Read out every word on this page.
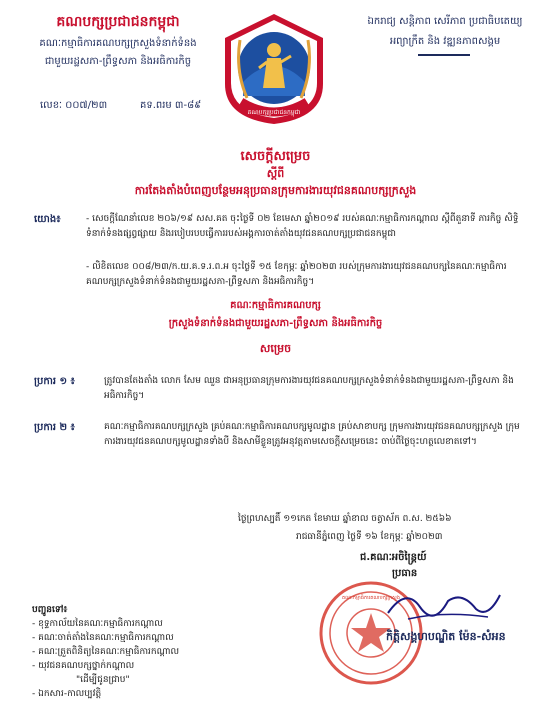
គណបក្សប្រជាជនកម្ពុជា
គណៈកម្មាធិការគណបក្សក្រសួងទំនាក់ទំនង
ជាមួយរដ្ឋសភា-ព្រឹទ្ធសភា និងអធិការកិច្ច
លេខៈ ០០៧/២៣	គទ.ពរម ៣-៨៩
គណបក្សប្រជាជនកម្ពុជា
ឯករាជ្យ សន្តិភាព សេរីភាព ប្រជាធិបតេយ្យ
អព្យាក្រឹត និង វឌ្ឍនភាពសង្គម
សេចក្តីសម្រេច
ស្តីពី
ការតែងតាំងបំពេញបន្ថែមអនុប្រធានក្រុមការងារយុវជនគណបក្សក្រសួង
យោង៖	- សេចក្តីណែនាំលេខ ២០៦/១៩ សស.គត ចុះថ្ងៃទី ០២ ខែមេសា ឆ្នាំ២០១៩ របស់គណៈកម្មាធិការកណ្តាល ស្តីពីតួនាទី ភារកិច្ច សិទ្ធិ ទំនាក់ទំនងផ្សព្វផ្សាយ និងរបៀបរបបធ្វើការរបស់អង្គការចាត់តាំងយុវជនគណបក្សប្រជាជនកម្ពុជា
- លិខិតលេខ ០០៨/២៣/ក.យ.គ.ទ.រ.ព.អ ចុះថ្ងៃទី ១៥ ខែកុម្ភៈ ឆ្នាំ២០២៣ របស់ក្រុមការងារយុវជនគណបក្សនៃគណៈកម្មាធិការគណបក្សក្រសួងទំនាក់ទំនងជាមួយរដ្ឋសភា-ព្រឹទ្ធសភា និងអធិការកិច្ច។
គណៈកម្មាធិការគណបក្ស
ក្រសួងទំនាក់ទំនងជាមួយរដ្ឋសភា-ព្រឹទ្ធសភា និងអធិការកិច្ច
សម្រេច
ប្រការ ១ ៖	ត្រូវបានតែងតាំង លោក សែម ឈួន ជាអនុប្រធានក្រុមការងារយុវជនគណបក្សក្រសួងទំនាក់ទំនងជាមួយរដ្ឋសភា-ព្រឹទ្ធសភា និងអធិការកិច្ច។
ប្រការ ២ ៖	គណៈកម្មាធិការគណបក្សក្រសួង គ្រប់គណៈកម្មាធិការគណបក្សមូលដ្ឋាន គ្រប់សាខាបក្ស ក្រុមការងារយុវជនគណបក្សក្រសួង ក្រុមការងារយុវជនគណបក្សមូលដ្ឋានទាំងបី និងសាមីខ្លួនត្រូវអនុវត្តតាមសេចក្តីសម្រេចនេះ ចាប់ពីថ្ងៃចុះហត្ថលេខាតទៅ។
ថ្ងៃព្រហស្បតិ៍ ១១កេត ខែមាឃ ឆ្នាំខាល ចត្វាស័ក ព.ស. ២៥៦៦
រាជធានីភ្នំពេញ ថ្ងៃទី ១៦ ខែកុម្ភៈ ឆ្នាំ២០២៣
ជ.គណៈអចិន្ត្រៃយ៍
ប្រធាន
គណៈកម្មាធិការគណបក្សក្រសួង
កិត្តិសង្គហបណ្ឌិត ម៉ែន-សំអន
បញ្ជូនទៅ៖
- ខុទ្ទកាល័យនៃគណៈកម្មាធិការកណ្តាល
- គណៈចាត់តាំងនៃគណៈកម្មាធិការកណ្តាល
- គណៈត្រួតពិនិត្យនៃគណៈកម្មាធិការកណ្តាល
- យុវជនគណបក្សថ្នាក់កណ្តាល
"ដើម្បីជូនជ្រាប"
- ឯកសារ-កាលប្បវត្តិ
